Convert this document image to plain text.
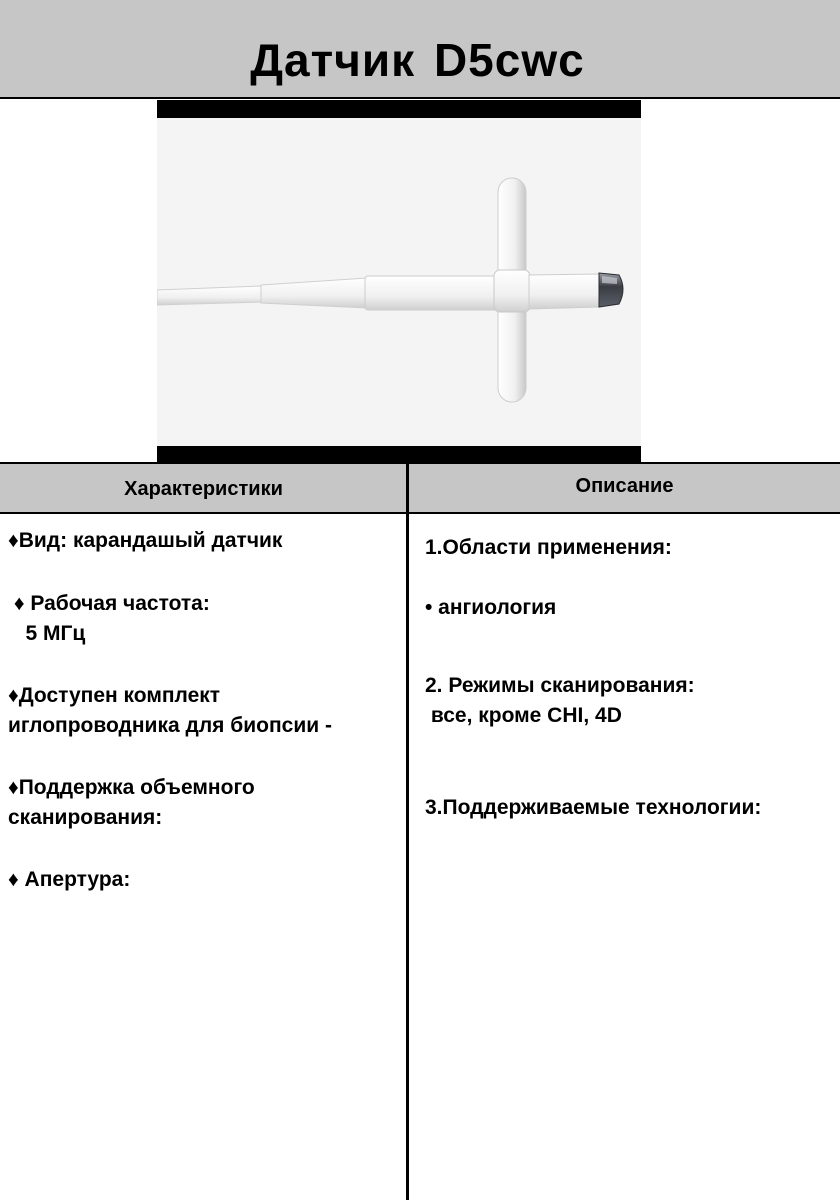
Датчик D5cwc
Характеристики	Описание

♦Вид: карандашый датчик

♦ Рабочая частота:

5 МГц

♦Доступен комплект

иглопроводника для биопсии -

♦Поддержка объемного

сканирования:

♦ Апертура:

1.Области применения:

• ангиология

2. Режимы сканирования:

все, кроме CHI, 4D

3.Поддерживаемые технологии:
